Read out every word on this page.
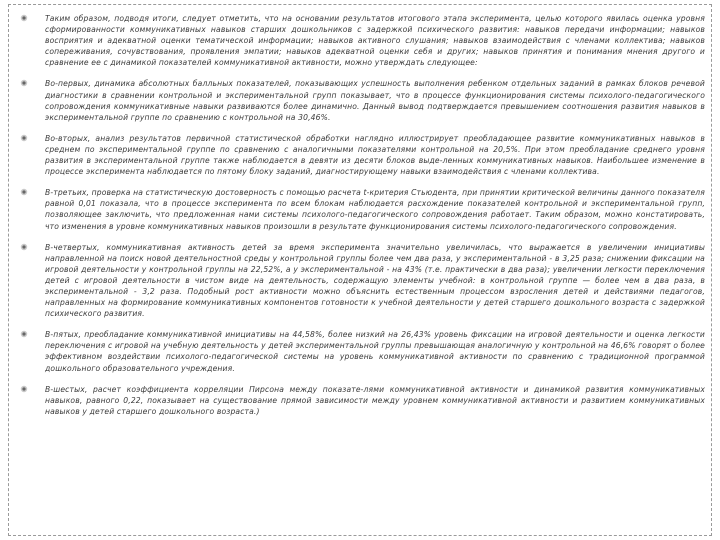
Таким образом, подводя итоги, следует отметить, что на основании результатов итогового этапа эксперимента, целью которого явилась оценка уровня сформированности коммуникативных навыков старших дошкольников с задержкой психического развития: навыков передачи информации; навыков восприятия и адекватной оценки тематической информации; навыков активного слушания; навыков взаимодействия с членами коллектива; навыков сопереживания, сочувствования, проявления эмпатии; навыков адекватной оценки себя и других; навыков принятия и понимания мнения другого и сравнение ее с динамикой показателей коммуникативной активности, можно утверждать следующее:
Во-первых, динамика абсолютных балльных показателей, показывающих успешность выполнения ребенком отдельных заданий в рамках блоков речевой диагностики в сравнении контрольной и экспериментальной групп показывает, что в процессе функционирования системы психолого-педагогического сопровождения коммуникативные навыки развиваются более динамично. Данный вывод подтверждается превышением соотношения развития навыков в экспериментальной группе по сравнению с контрольной на 30,46%.
Во-вторых, анализ результатов первичной статистической обработки наглядно иллюстрирует преобладающее развитие коммуникативных навыков в среднем по экспериментальной группе по сравнению с аналогичными показателями контрольной на 20,5%. При этом преобладание среднего уровня развития в экспериментальной группе также наблюдается в девяти из десяти блоков выде-ленных коммуникативных навыков. Наибольшее изменение в процессе эксперимента наблюдается по пятому блоку заданий, диагностирующему навыки взаимодействия с членами коллектива.
В-третьих, проверка на статистическую достоверность с помощью расчета t-критерия Стьюдента, при принятии критической величины данного показателя равной 0,01 показала, что в процессе эксперимента по всем блокам наблюдается расхождение показателей контрольной и экспериментальной групп, позволяющее заключить, что предложенная нами системы психолого-педагогического сопровождения работает. Таким образом, можно констатировать, что изменения в уровне коммуникативных навыков произошли в результате функционирования системы психолого-педагогического сопровождения.
В-четвертых, коммуникативная активность детей за время эксперимента значительно увеличилась, что выражается в увеличении инициативы направленной на поиск новой деятельностной среды у контрольной группы более чем два раза, у экспериментальной - в 3,25 раза; снижении фиксации на игровой деятельности у контрольной группы на 22,52%, а у экспериментальной - на 43% (т.е. практически в два раза); увеличении легкости переключения детей с игровой деятельности в чистом виде на деятельность, содержащую элементы учебной: в контрольной группе — более чем в два раза, в экспериментальной - 3,2 раза. Подобный рост активности можно объяснить естественным процессом взросления детей и действиями педагогов, направленных на формирование коммуникативных компонентов готовности к учебной деятельности у детей старшего дошкольного возраста с задержкой психического развития.
В-пятых, преобладание коммуникативной инициативы на 44,58%, более низкий на 26,43% уровень фиксации на игровой деятельности и оценка легкости переключения с игровой на учебную деятельность у детей экспериментальной группы превышающая аналогичную у контрольной на 46,6% говорят о более эффективном воздействии психолого-педагогической системы на уровень коммуникативной активности по сравнению с традиционной программой дошкольного образовательного учреждения.
В-шестых, расчет коэффициента корреляции Пирсона между показате-лями коммуникативной активности и динамикой развития коммуникативных навыков, равного 0,22, показывает на существование прямой зависимости между уровнем коммуникативной активности и развитием коммуникативных навыков у детей старшего дошкольного возраста.)
